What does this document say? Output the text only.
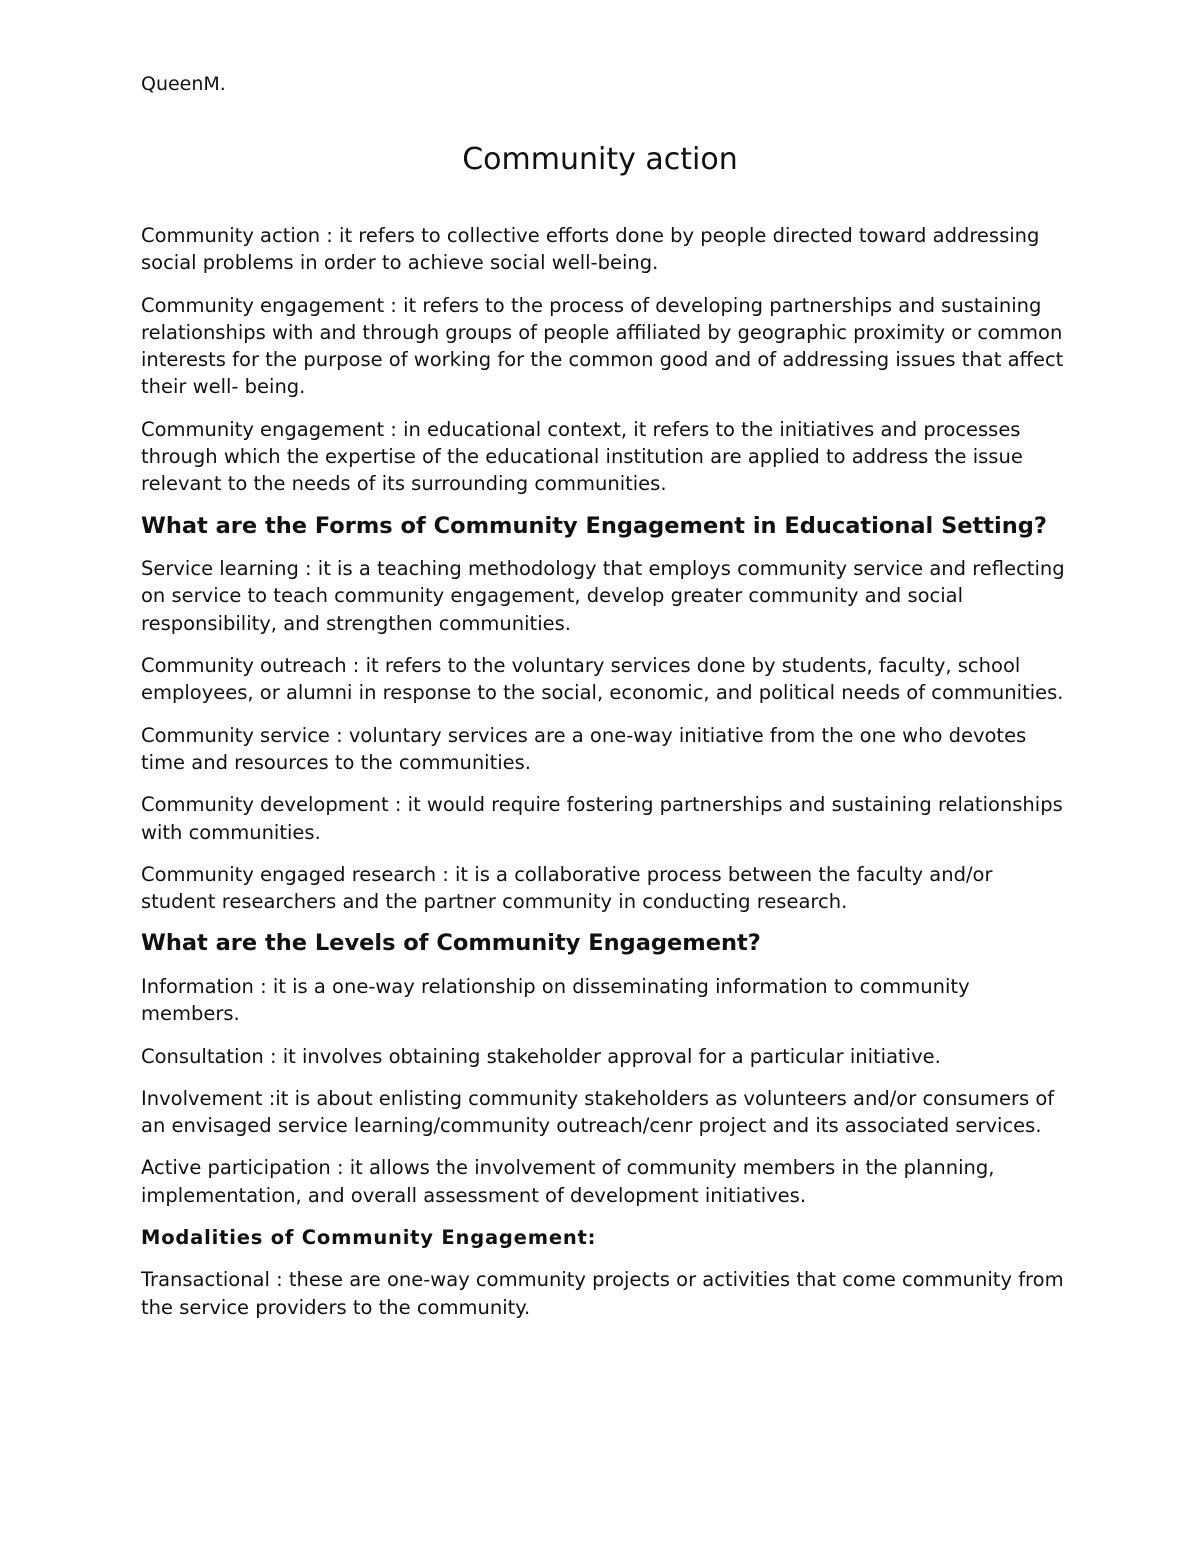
QueenM.

Community action

Community action : it refers to collective efforts done by people directed toward addressing social problems in order to achieve social well-being.

Community engagement : it refers to the process of developing partnerships and sustaining relationships with and through groups of people affiliated by geographic proximity or common interests for the purpose of working for the common good and of addressing issues that affect their well- being.

Community engagement : in educational context, it refers to the initiatives and processes through which the expertise of the educational institution are applied to address the issue relevant to the needs of its surrounding communities.

What are the Forms of Community Engagement in Educational Setting?

Service learning : it is a teaching methodology that employs community service and reflecting on service to teach community engagement, develop greater community and social responsibility, and strengthen communities.

Community outreach : it refers to the voluntary services done by students, faculty, school employees, or alumni in response to the social, economic, and political needs of communities.

Community service : voluntary services are a one-way initiative from the one who devotes time and resources to the communities.

Community development : it would require fostering partnerships and sustaining relationships with communities.

Community engaged research : it is a collaborative process between the faculty and/or student researchers and the partner community in conducting research.

What are the Levels of Community Engagement?

Information : it is a one-way relationship on disseminating information to community members.

Consultation : it involves obtaining stakeholder approval for a particular initiative.

Involvement :it is about enlisting community stakeholders as volunteers and/or consumers of an envisaged service learning/community outreach/cenr project and its associated services.

Active participation : it allows the involvement of community members in the planning, implementation, and overall assessment of development initiatives.

Modalities of Community Engagement:

Transactional : these are one-way community projects or activities that come community from the service providers to the community.
